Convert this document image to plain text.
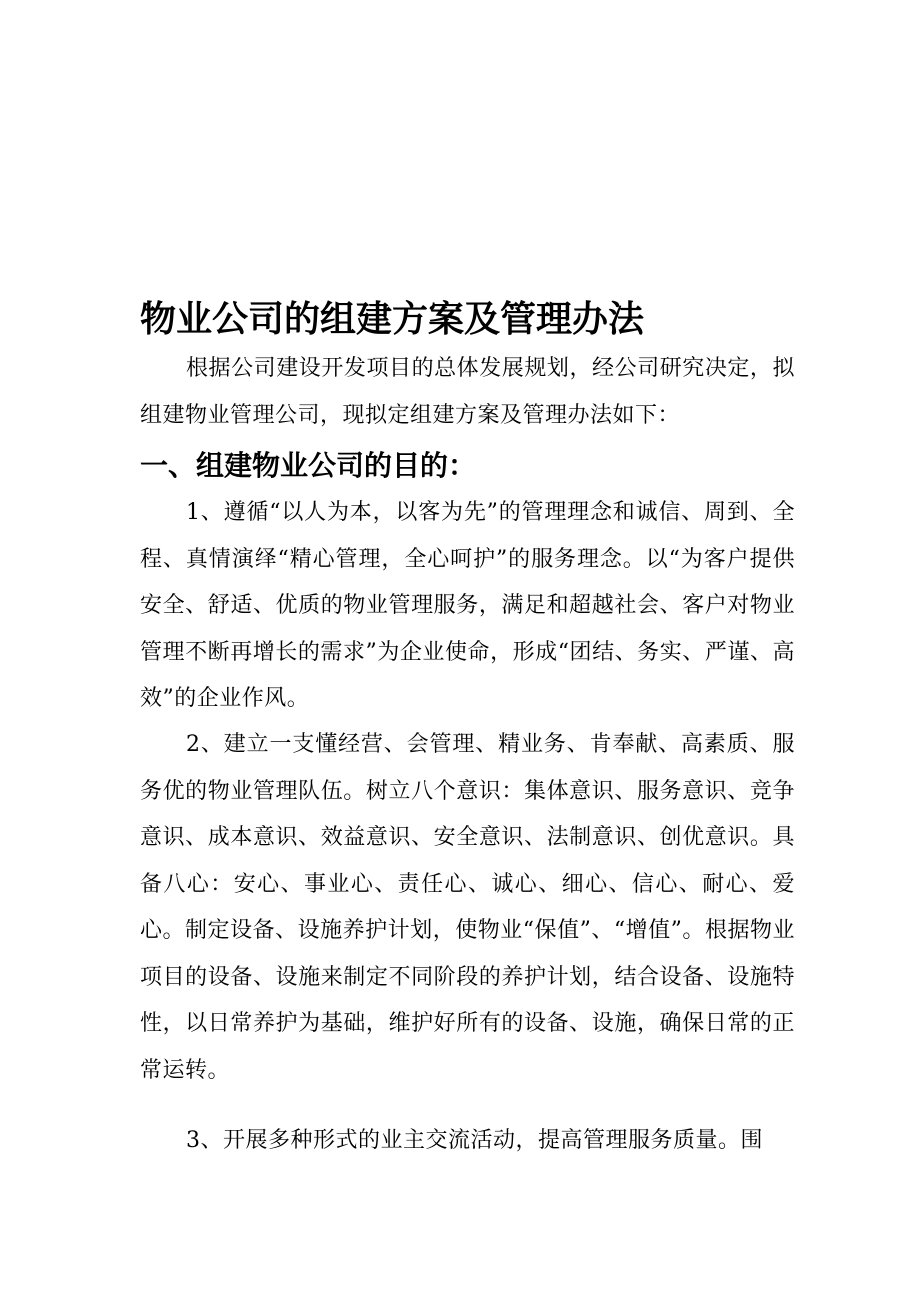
物业公司的组建方案及管理办法

根据公司建设开发项目的总体发展规划，经公司研究决定，拟组建物业管理公司，现拟定组建方案及管理办法如下：

一、组建物业公司的目的：

1、遵循“以人为本，以客为先”的管理理念和诚信、周到、全程、真情演绎“精心管理，全心呵护”的服务理念。以“为客户提供安全、舒适、优质的物业管理服务，满足和超越社会、客户对物业管理不断再增长的需求”为企业使命，形成“团结、务实、严谨、高效”的企业作风。

2、建立一支懂经营、会管理、精业务、肯奉献、高素质、服务优的物业管理队伍。树立八个意识：集体意识、服务意识、竞争意识、成本意识、效益意识、安全意识、法制意识、创优意识。具备八心：安心、事业心、责任心、诚心、细心、信心、耐心、爱心。制定设备、设施养护计划，使物业“保值”、“增值”。根据物业项目的设备、设施来制定不同阶段的养护计划，结合设备、设施特性，以日常养护为基础，维护好所有的设备、设施，确保日常的正常运转。

3、开展多种形式的业主交流活动，提高管理服务质量。围
